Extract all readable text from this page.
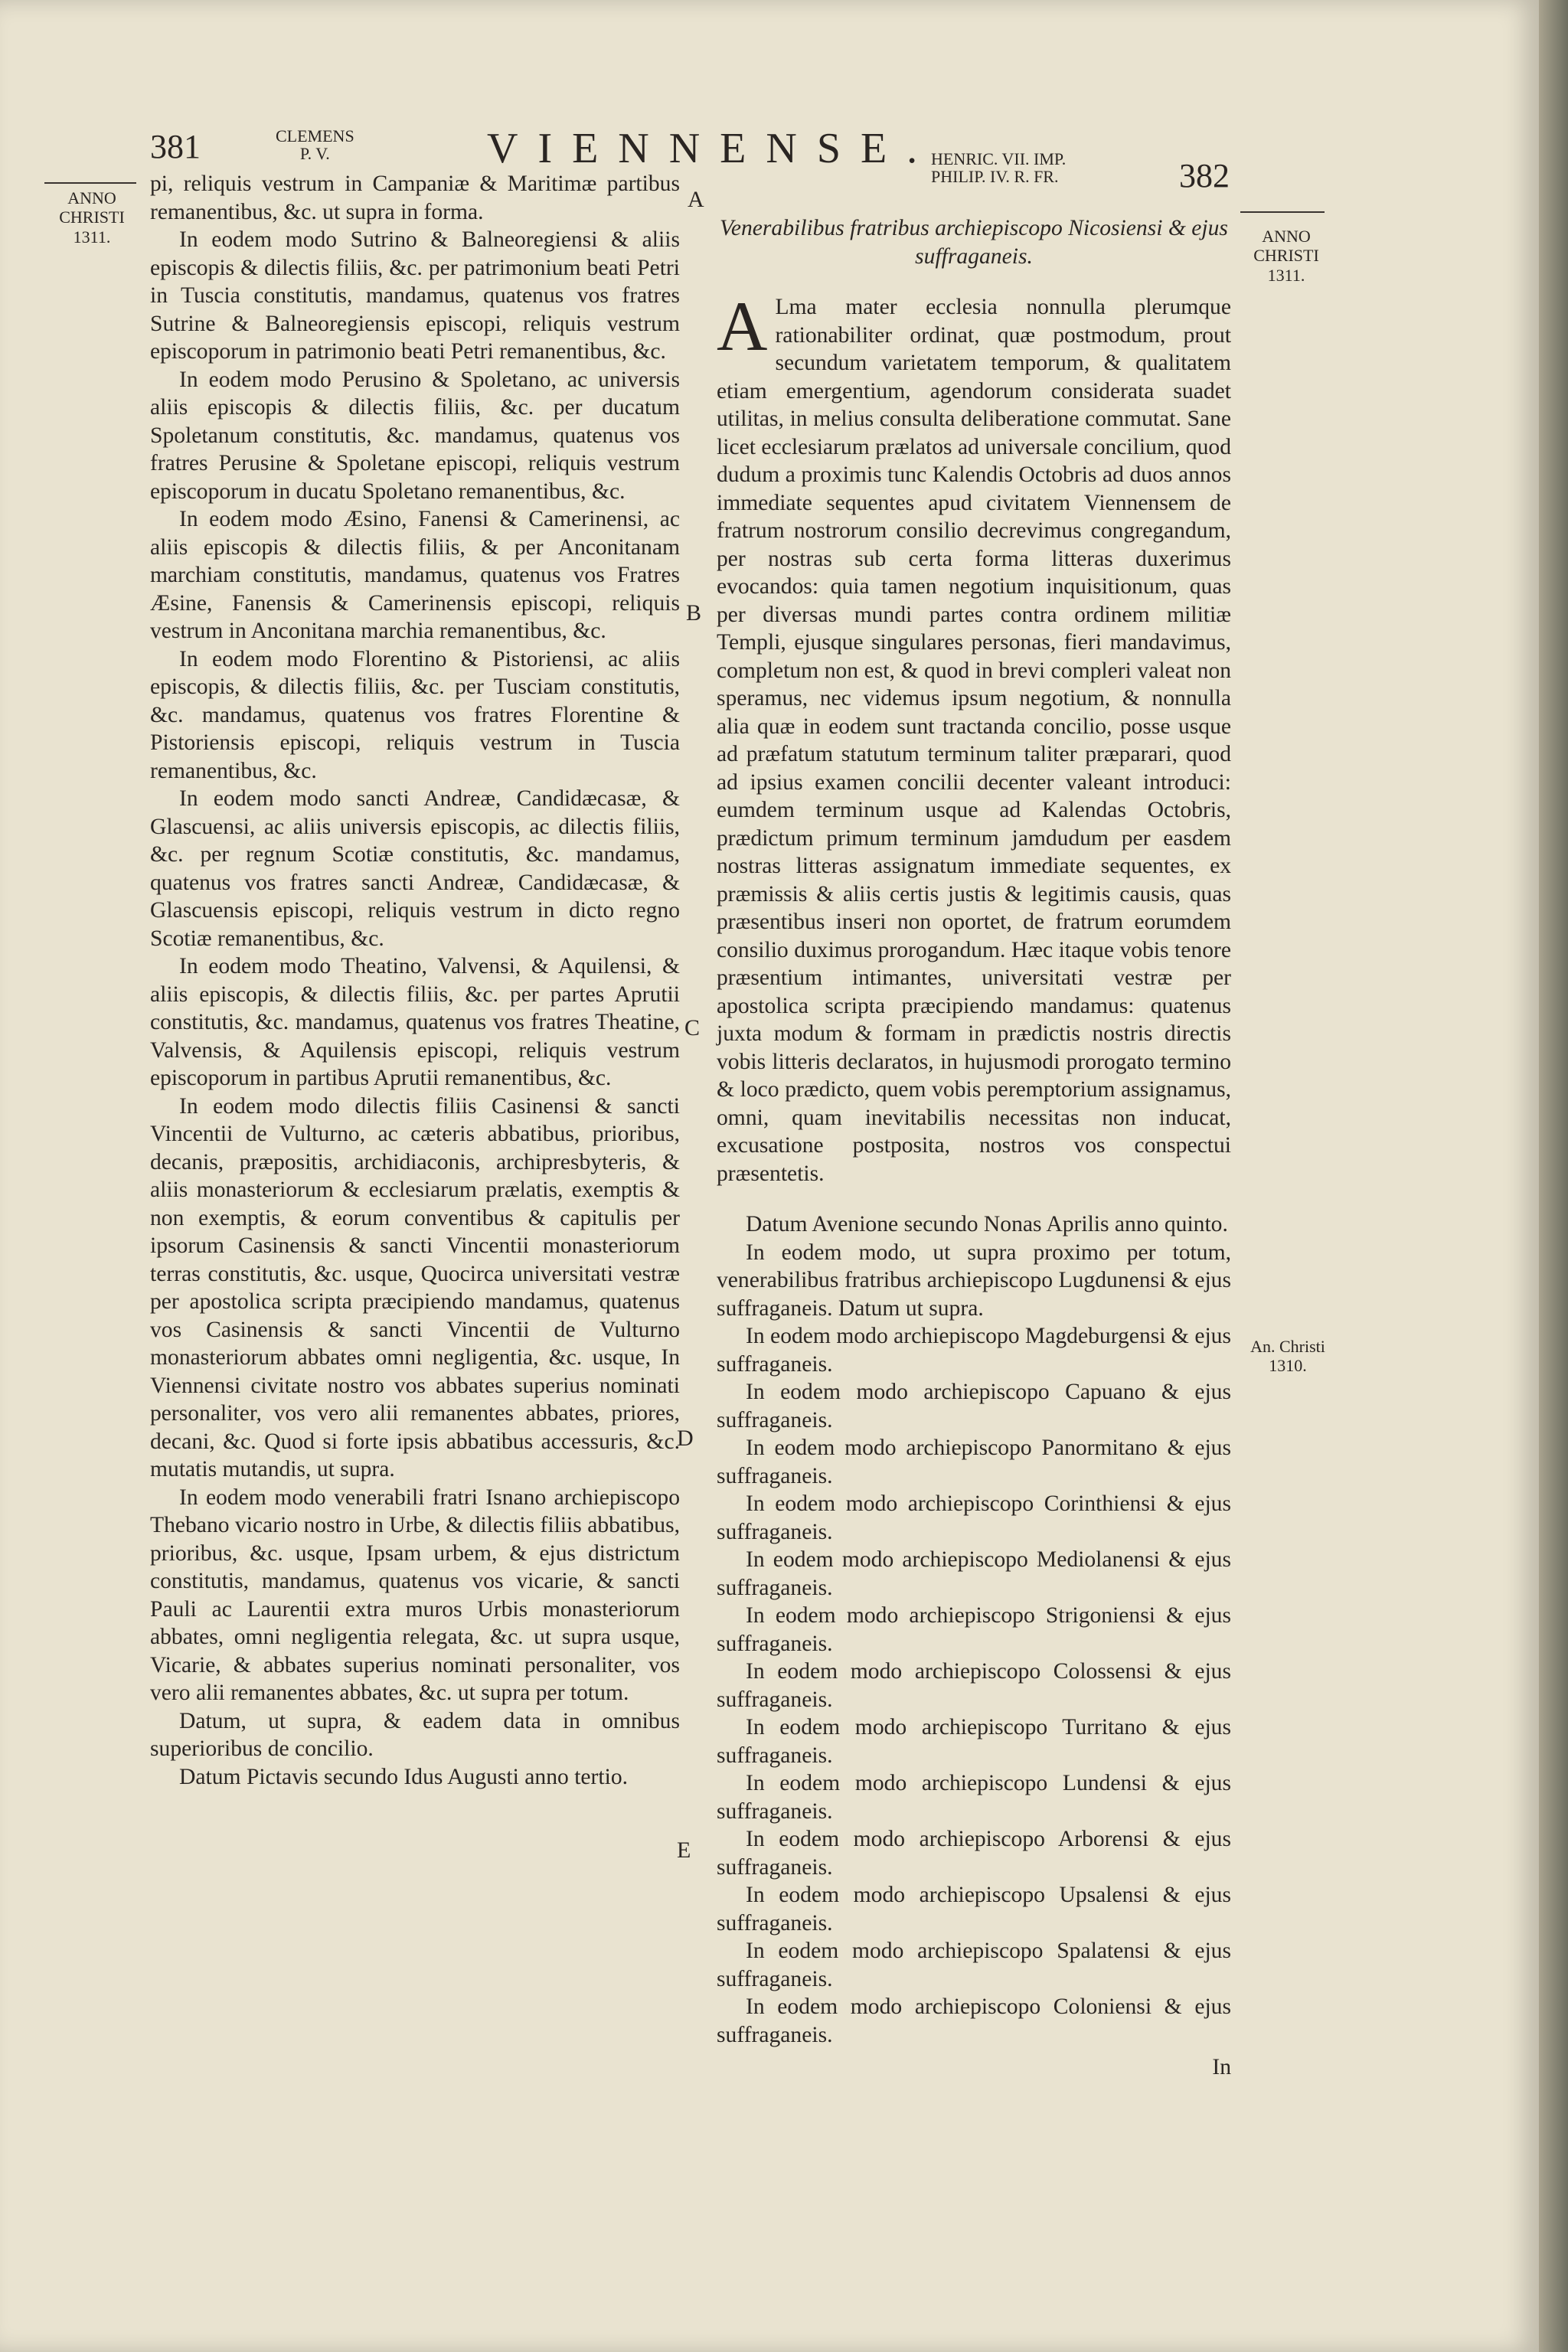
381	CLEMENS
P. V.	VIENNENSE.
HENRIC. VII. IMP.
PHILIP. IV. R. FR.	382
ANNO
CHRISTI
1311.	ANNO
CHRISTI
1311.
An. Christi
1310.
A
B
C
D
E

pi, reliquis vestrum in Campaniæ & Maritimæ partibus remanentibus, &c. ut supra in forma.

In eodem modo Sutrino & Balneoregiensi & aliis episcopis & dilectis filiis, &c. per patrimonium beati Petri in Tuscia constitutis, mandamus, quatenus vos fratres Sutrine & Balneoregiensis episcopi, reliquis vestrum episcoporum in patrimonio beati Petri remanentibus, &c.

In eodem modo Perusino & Spoletano, ac universis aliis episcopis & dilectis filiis, &c. per ducatum Spoletanum constitutis, &c. mandamus, quatenus vos fratres Perusine & Spoletane episcopi, reliquis vestrum episcoporum in ducatu Spoletano remanentibus, &c.

In eodem modo Æsino, Fanensi & Camerinensi, ac aliis episcopis & dilectis filiis, & per Anconitanam marchiam constitutis, mandamus, quatenus vos Fratres Æsine, Fanensis & Camerinensis episcopi, reliquis vestrum in Anconitana marchia remanentibus, &c.

In eodem modo Florentino & Pistoriensi, ac aliis episcopis, & dilectis filiis, &c. per Tusciam constitutis, &c. mandamus, quatenus vos fratres Florentine & Pistoriensis episcopi, reliquis vestrum in Tuscia remanentibus, &c.

In eodem modo sancti Andreæ, Candidæcasæ, & Glascuensi, ac aliis universis episcopis, ac dilectis filiis, &c. per regnum Scotiæ constitutis, &c. mandamus, quatenus vos fratres sancti Andreæ, Candidæcasæ, & Glascuensis episcopi, reliquis vestrum in dicto regno Scotiæ remanentibus, &c.

In eodem modo Theatino, Valvensi, & Aquilensi, & aliis episcopis, & dilectis filiis, &c. per partes Aprutii constitutis, &c. mandamus, quatenus vos fratres Theatine, Valvensis, & Aquilensis episcopi, reliquis vestrum episcoporum in partibus Aprutii remanentibus, &c.

In eodem modo dilectis filiis Casinensi & sancti Vincentii de Vulturno, ac cæteris abbatibus, prioribus, decanis, præpositis, archidiaconis, archipresbyteris, & aliis monasteriorum & ecclesiarum prælatis, exemptis & non exemptis, & eorum conventibus & capitulis per ipsorum Casinensis & sancti Vincentii monasteriorum terras constitutis, &c. usque, Quocirca universitati vestræ per apostolica scripta præcipiendo mandamus, quatenus vos Casinensis & sancti Vincentii de Vulturno monasteriorum abbates omni negligentia, &c. usque, In Viennensi civitate nostro vos abbates superius nominati personaliter, vos vero alii remanentes abbates, priores, decani, &c. Quod si forte ipsis abbatibus accessuris, &c. mutatis mutandis, ut supra.

In eodem modo venerabili fratri Isnano archiepiscopo Thebano vicario nostro in Urbe, & dilectis filiis abbatibus, prioribus, &c. usque, Ipsam urbem, & ejus districtum constitutis, mandamus, quatenus vos vicarie, & sancti Pauli ac Laurentii extra muros Urbis monasteriorum abbates, omni negligentia relegata, &c. ut supra usque, Vicarie, & abbates superius nominati personaliter, vos vero alii remanentes abbates, &c. ut supra per totum.

Datum, ut supra, & eadem data in omnibus superioribus de concilio.

Datum Pictavis secundo Idus Augusti anno tertio.

Venerabilibus fratribus archiepiscopo Nicosiensi & ejus suffraganeis.

A Lma mater ecclesia nonnulla plerumque rationabiliter ordinat, quæ postmodum, prout secundum varietatem temporum, & qualitatem etiam emergentium, agendorum considerata suadet utilitas, in melius consulta deliberatione commutat. Sane licet ecclesiarum prælatos ad universale concilium, quod dudum a proximis tunc Kalendis Octobris ad duos annos immediate sequentes apud civitatem Viennensem de fratrum nostrorum consilio decrevimus congregandum, per nostras sub certa forma litteras duxerimus evocandos: quia tamen negotium inquisitionum, quas per diversas mundi partes contra ordinem militiæ Templi, ejusque singulares personas, fieri mandavimus, completum non est, & quod in brevi compleri valeat non speramus, nec videmus ipsum negotium, & nonnulla alia quæ in eodem sunt tractanda concilio, posse usque ad præfatum statutum terminum taliter præparari, quod ad ipsius examen concilii decenter valeant introduci: eumdem terminum usque ad Kalendas Octobris, prædictum primum terminum jamdudum per easdem nostras litteras assignatum immediate sequentes, ex præmissis & aliis certis justis & legitimis causis, quas præsentibus inseri non oportet, de fratrum eorumdem consilio duximus prorogandum. Hæc itaque vobis tenore præsentium intimantes, universitati vestræ per apostolica scripta præcipiendo mandamus: quatenus juxta modum & formam in prædictis nostris directis vobis litteris declaratos, in hujusmodi prorogato termino & loco prædicto, quem vobis peremptorium assignamus, omni, quam inevitabilis necessitas non inducat, excusatione postposita, nostros vos conspectui præsentetis.

Datum Avenione secundo Nonas Aprilis anno quinto.

In eodem modo, ut supra proximo per totum, venerabilibus fratribus archiepiscopo Lugdunensi & ejus suffraganeis. Datum ut supra.

In eodem modo archiepiscopo Magdeburgensi & ejus suffraganeis.

In eodem modo archiepiscopo Capuano & ejus suffraganeis.

In eodem modo archiepiscopo Panormitano & ejus suffraganeis.

In eodem modo archiepiscopo Corinthiensi & ejus suffraganeis.

In eodem modo archiepiscopo Mediolanensi & ejus suffraganeis.

In eodem modo archiepiscopo Strigoniensi & ejus suffraganeis.

In eodem modo archiepiscopo Colossensi & ejus suffraganeis.

In eodem modo archiepiscopo Turritano & ejus suffraganeis.

In eodem modo archiepiscopo Lundensi & ejus suffraganeis.

In eodem modo archiepiscopo Arborensi & ejus suffraganeis.

In eodem modo archiepiscopo Upsalensi & ejus suffraganeis.

In eodem modo archiepiscopo Spalatensi & ejus suffraganeis.

In eodem modo archiepiscopo Coloniensi & ejus suffraganeis.

In
